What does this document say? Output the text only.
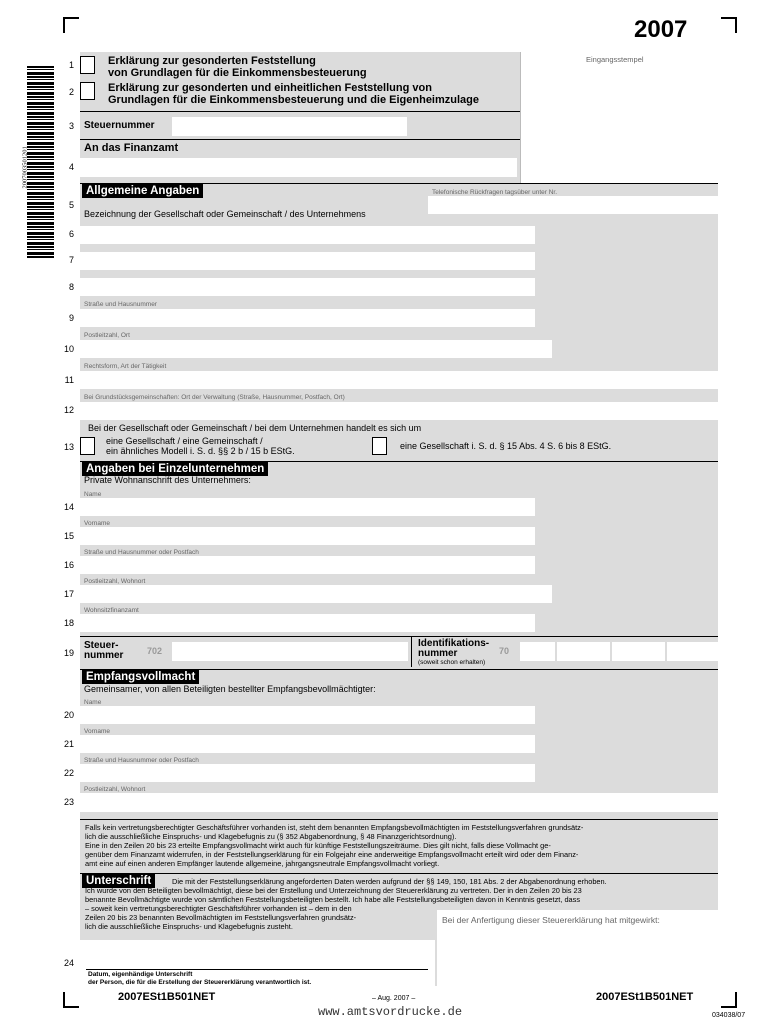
2007
2007003501201
Eingangsstempel
1	Erklärung zur gesonderten Feststellung
von Grundlagen für die Einkommensbesteuerung
2	Erklärung zur gesonderten und einheitlichen Feststellung von
Grundlagen für die Einkommensbesteuerung und die Eigenheimzulage
3 Steuernummer
An das Finanzamt
4
Allgemeine Angaben	Telefonische Rückfragen tagsüber unter Nr.
5
Bezeichnung der Gesellschaft oder Gemeinschaft / des Unternehmens
6
7
8
Straße und Hausnummer
9
Postleitzahl, Ort
10
Rechtsform, Art der Tätigkeit
11
Bei Grundstücksgemeinschaften: Ort der Verwaltung (Straße, Hausnummer, Postfach, Ort)
12
Bei der Gesellschaft oder Gemeinschaft / bei dem Unternehmen handelt es sich um
13
eine Gesellschaft / eine Gemeinschaft /
ein ähnliches Modell i. S. d. §§ 2 b / 15 b EStG.	eine Gesellschaft i. S. d. § 15 Abs. 4 S. 6 bis 8 EStG.
Angaben bei Einzelunternehmen
Private Wohnanschrift des Unternehmers:
Name
14
Vorname
15
Straße und Hausnummer oder Postfach
16
Postleitzahl, Wohnort
17
Wohnsitzfinanzamt
18
19
Steuer-
nummer	702
Identifikations-
nummer
(soweit schon erhalten)
70
Empfangsvollmacht
Gemeinsamer, von allen Beteiligten bestellter Empfangsbevollmächtigter:
Name
20
Vorname
21
Straße und Hausnummer oder Postfach
22
Postleitzahl, Wohnort
23
Falls kein vertretungsberechtigter Geschäftsführer vorhanden ist, steht dem benannten Empfangsbevollmächtigten im Feststellungsverfahren grundsätz-
lich die ausschließliche Einspruchs- und Klagebefugnis zu (§ 352 Abgabenordnung, § 48 Finanzgerichtsordnung).
Eine in den Zeilen 20 bis 23 erteilte Empfangsvollmacht wirkt auch für künftige Feststellungszeiträume. Dies gilt nicht, falls diese Vollmacht ge-
genüber dem Finanzamt widerrufen, in der Feststellungserklärung für ein Folgejahr eine anderweitige Empfangsvollmacht erteilt wird oder dem Finanz-
amt eine auf einen anderen Empfänger lautende allgemeine, jahrgangsneutrale Empfangsvollmacht vorliegt.
Unterschrift	Die mit der Feststellungserklärung angeforderten Daten werden aufgrund der §§ 149, 150, 181 Abs. 2 der Abgabenordnung erhoben.
Ich wurde von den Beteiligten bevollmächtigt, diese bei der Erstellung und Unterzeichnung der Steuererklärung zu vertreten. Der in den Zeilen 20 bis 23
benannte Bevollmächtigte wurde von sämtlichen Feststellungsbeteiligten bestellt. Ich habe alle Feststellungsbeteiligten davon in Kenntnis gesetzt, dass
– soweit kein vertretungsberechtigter Geschäftsführer vorhanden ist – dem in den
Zeilen 20 bis 23 benannten Bevollmächtigten im Feststellungsverfahren grundsätz-
lich die ausschließliche Einspruchs- und Klagebefugnis zusteht.
Bei der Anfertigung dieser Steuererklärung hat mitgewirkt:
24
Datum, eigenhändige Unterschrift
der Person, die für die Erstellung der Steuererklärung verantwortlich ist.
2007ESt1B501NET	– Aug. 2007 –	2007ESt1B501NET
www.amtsvordrucke.de	034038/07
